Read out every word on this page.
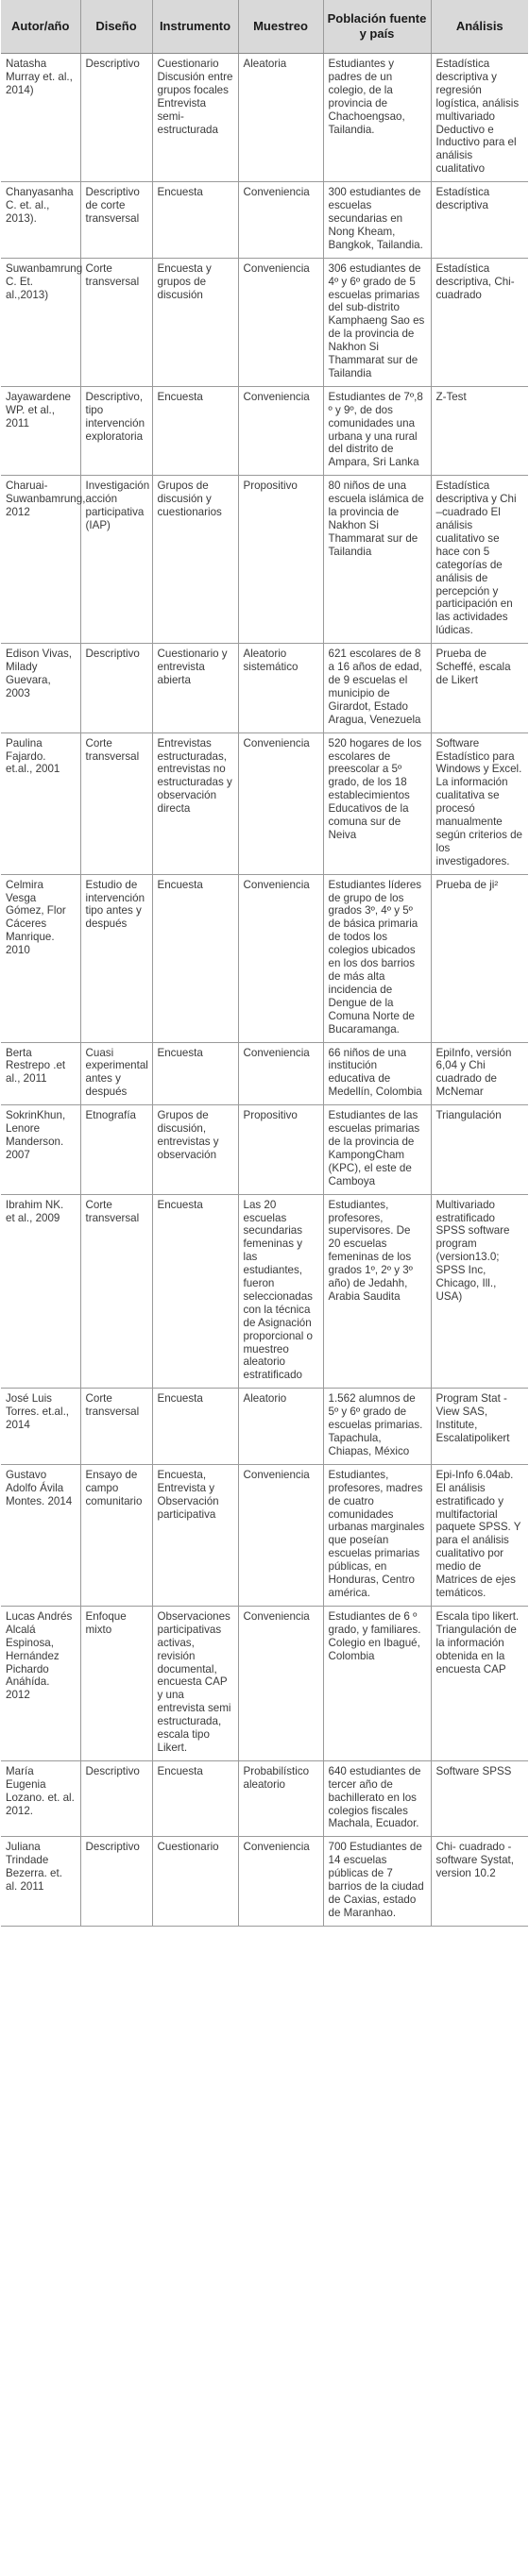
Autor/año	Diseño	Instrumento	Muestreo	Población fuente y país	Análisis
Natasha Murray et. al., 2014)	Descriptivo	Cuestionario Discusión entre grupos focales Entrevista semi-estructurada	Aleatoria	Estudiantes y padres de un colegio, de la provincia de Chachoengsao, Tailandia.	Estadística descriptiva y regresión logística, análisis multivariado Deductivo e Inductivo para el análisis cualitativo
Chanyasanha C. et. al., 2013).	Descriptivo de corte transversal	Encuesta	Conveniencia	300 estudiantes de escuelas secundarias en Nong Kheam, Bangkok, Tailandia.	Estadística descriptiva
Suwanbamrung C. Et. al.,2013)	Corte transversal	Encuesta y grupos de discusión	Conveniencia	306 estudiantes de 4º y 6º grado de 5 escuelas primarias del sub-distrito Kamphaeng Sao es de la provincia de Nakhon Si Thammarat sur de Tailandia	Estadística descriptiva, Chi-cuadrado
Jayawardene WP. et al., 2011	Descriptivo, tipo intervención exploratoria	Encuesta	Conveniencia	Estudiantes de 7º,8 º y 9º, de dos comunidades una urbana y una rural del distrito de Ampara, Sri Lanka	Z-Test
Charuai-Suwanbamrung, 2012	Investigación acción participativa (IAP)	Grupos de discusión y cuestionarios	Propositivo	80 niños de una escuela islámica de la provincia de Nakhon Si Thammarat sur de Tailandia	Estadística descriptiva y Chi –cuadrado El análisis cualitativo se hace con 5 categorías de análisis de percepción y participación en las actividades lúdicas.
Edison Vivas, Milady Guevara, 2003	Descriptivo	Cuestionario y entrevista abierta	Aleatorio sistemático	621 escolares de 8 a 16 años de edad, de 9 escuelas el municipio de Girardot, Estado Aragua, Venezuela	Prueba de Scheffé, escala de Likert
Paulina Fajardo. et.al., 2001	Corte transversal	Entrevistas estructuradas, entrevistas no estructuradas y observación directa	Conveniencia	520 hogares de los escolares de preescolar a 5º grado, de los 18 establecimientos Educativos de la comuna sur de Neiva	Software Estadístico para Windows y Excel. La información cualitativa se procesó manualmente según criterios de los investigadores.
Celmira Vesga Gómez, Flor Cáceres Manrique. 2010	Estudio de intervención tipo antes y después	Encuesta	Conveniencia	Estudiantes líderes de grupo de los grados 3º, 4º y 5º de básica primaria de todos los colegios ubicados en los dos barrios de más alta incidencia de Dengue de la Comuna Norte de Bucaramanga.	Prueba de ji²
Berta Restrepo .et al., 2011	Cuasi experimental antes y después	Encuesta	Conveniencia	66 niños de una institución educativa de Medellín, Colombia	EpiInfo, versión 6,04 y Chi cuadrado de McNemar
SokrinKhun, Lenore Manderson. 2007	Etnografía	Grupos de discusión, entrevistas y observación	Propositivo	Estudiantes de las escuelas primarias de la provincia de KampongCham (KPC), el este de Camboya	Triangulación
Ibrahim NK. et al., 2009	Corte transversal	Encuesta	Las 20 escuelas secundarias femeninas y las estudiantes, fueron seleccionadas con la técnica de Asignación proporcional o muestreo aleatorio estratificado	Estudiantes, profesores, supervisores. De 20 escuelas femeninas de los grados 1º, 2º y 3º año) de Jedahh, Arabia Saudita	Multivariado estratificado SPSS software program (version13.0; SPSS Inc, Chicago, Ill., USA)
José Luis Torres. et.al., 2014	Corte transversal	Encuesta	Aleatorio	1.562 alumnos de 5º y 6º grado de escuelas primarias. Tapachula, Chiapas, México	Program Stat - View SAS, Institute, Escalatipolikert
Gustavo Adolfo Ávila Montes. 2014	Ensayo de campo comunitario	Encuesta, Entrevista y Observación participativa	Conveniencia	Estudiantes, profesores, madres de cuatro comunidades urbanas marginales que poseían escuelas primarias públicas, en Honduras, Centro américa.	Epi-Info 6.04ab. El análisis estratificado y multifactorial paquete SPSS. Y para el análisis cualitativo por medio de Matrices de ejes temáticos.
Lucas Andrés Alcalá Espinosa, Hernández Pichardo Anáhída. 2012	Enfoque mixto	Observaciones participativas activas, revisión documental, encuesta CAP y una entrevista semi estructurada, escala tipo Likert.	Conveniencia	Estudiantes de 6 º grado, y familiares. Colegio en Ibagué, Colombia	Escala tipo likert. Triangulación de la información obtenida en la encuesta CAP
María Eugenia Lozano. et. al. 2012.	Descriptivo	Encuesta	Probabilístico aleatorio	640 estudiantes de tercer año de bachillerato en los colegios fiscales Machala, Ecuador.	Software SPSS
Juliana Trindade Bezerra. et. al. 2011	Descriptivo	Cuestionario	Conveniencia	700 Estudiantes de 14 escuelas públicas de 7 barrios de la ciudad de Caxias, estado de Maranhao.	Chi- cuadrado - software Systat, version 10.2
